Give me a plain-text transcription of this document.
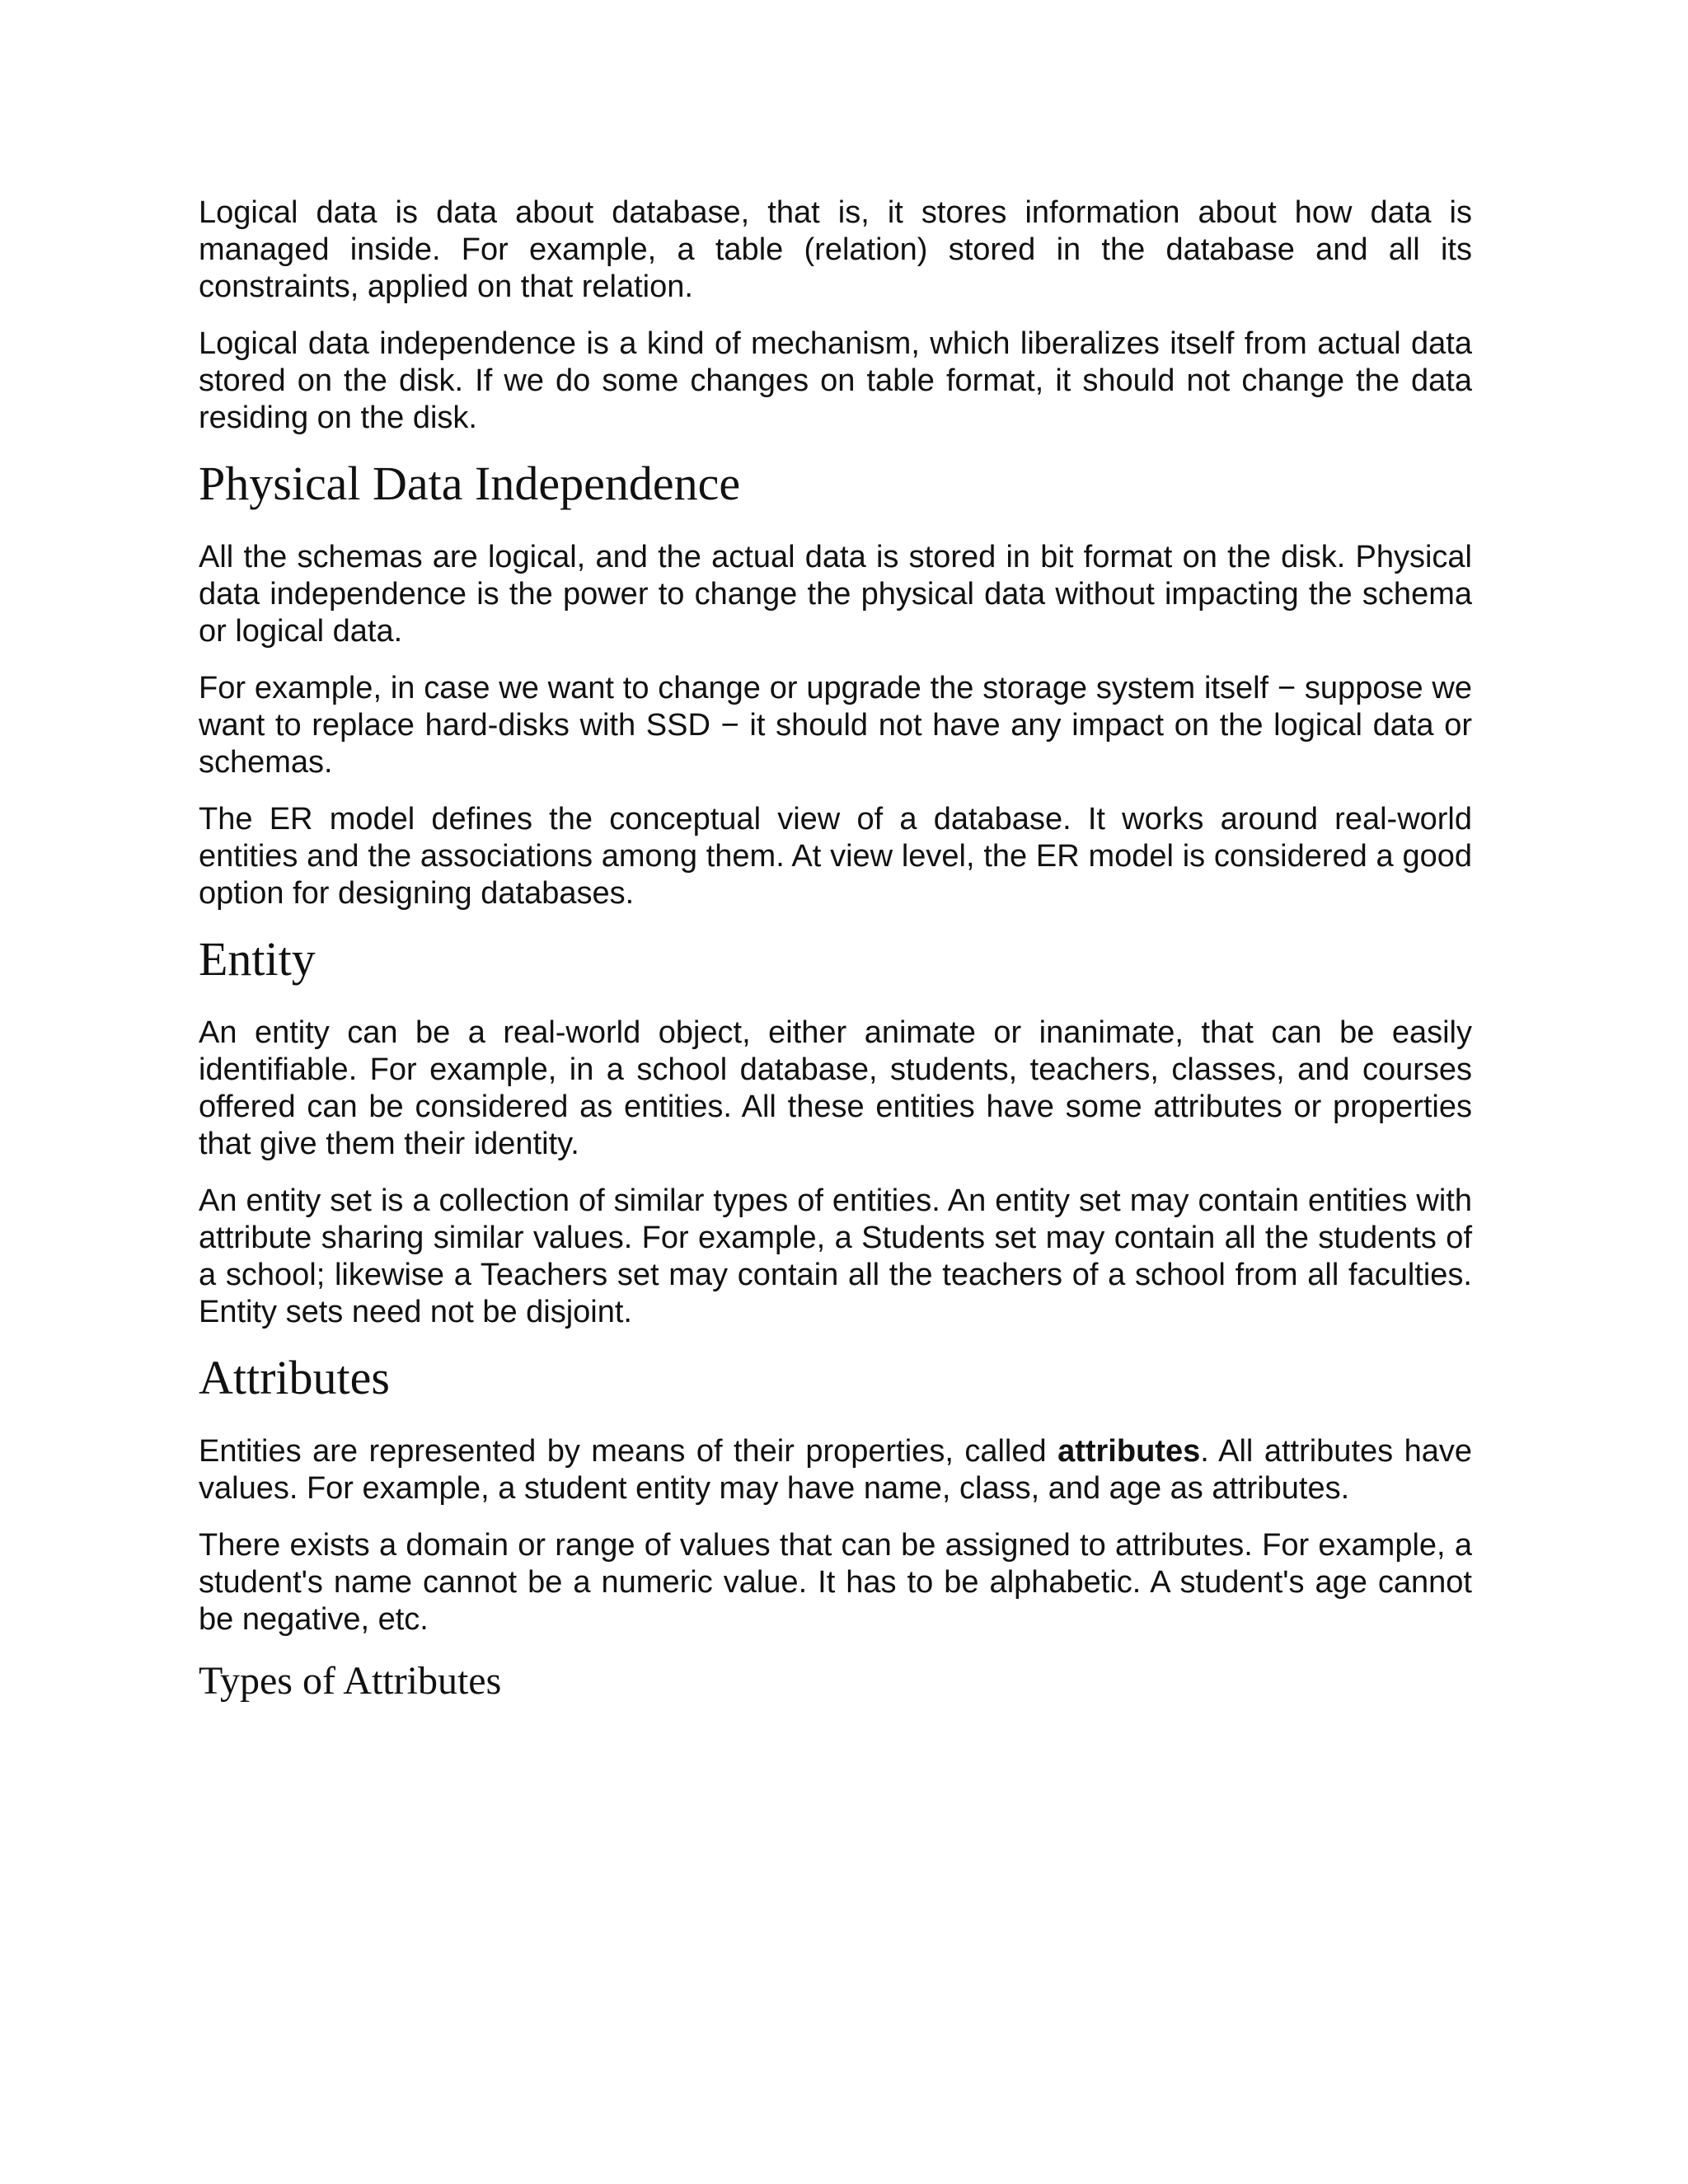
Logical data is data about database, that is, it stores information about how data is managed inside. For example, a table (relation) stored in the database and all its constraints, applied on that relation.

Logical data independence is a kind of mechanism, which liberalizes itself from actual data stored on the disk. If we do some changes on table format, it should not change the data residing on the disk.

Physical Data Independence

All the schemas are logical, and the actual data is stored in bit format on the disk. Physical data independence is the power to change the physical data without impacting the schema or logical data.

For example, in case we want to change or upgrade the storage system itself − suppose we want to replace hard-disks with SSD − it should not have any impact on the logical data or schemas.

The ER model defines the conceptual view of a database. It works around real-world entities and the associations among them. At view level, the ER model is considered a good option for designing databases.

Entity

An entity can be a real-world object, either animate or inanimate, that can be easily identifiable. For example, in a school database, students, teachers, classes, and courses offered can be considered as entities. All these entities have some attributes or properties that give them their identity.

An entity set is a collection of similar types of entities. An entity set may contain entities with attribute sharing similar values. For example, a Students set may contain all the students of a school; likewise a Teachers set may contain all the teachers of a school from all faculties. Entity sets need not be disjoint.

Attributes

Entities are represented by means of their properties, called attributes. All attributes have values. For example, a student entity may have name, class, and age as attributes.

There exists a domain or range of values that can be assigned to attributes. For example, a student's name cannot be a numeric value. It has to be alphabetic. A student's age cannot be negative, etc.

Types of Attributes
